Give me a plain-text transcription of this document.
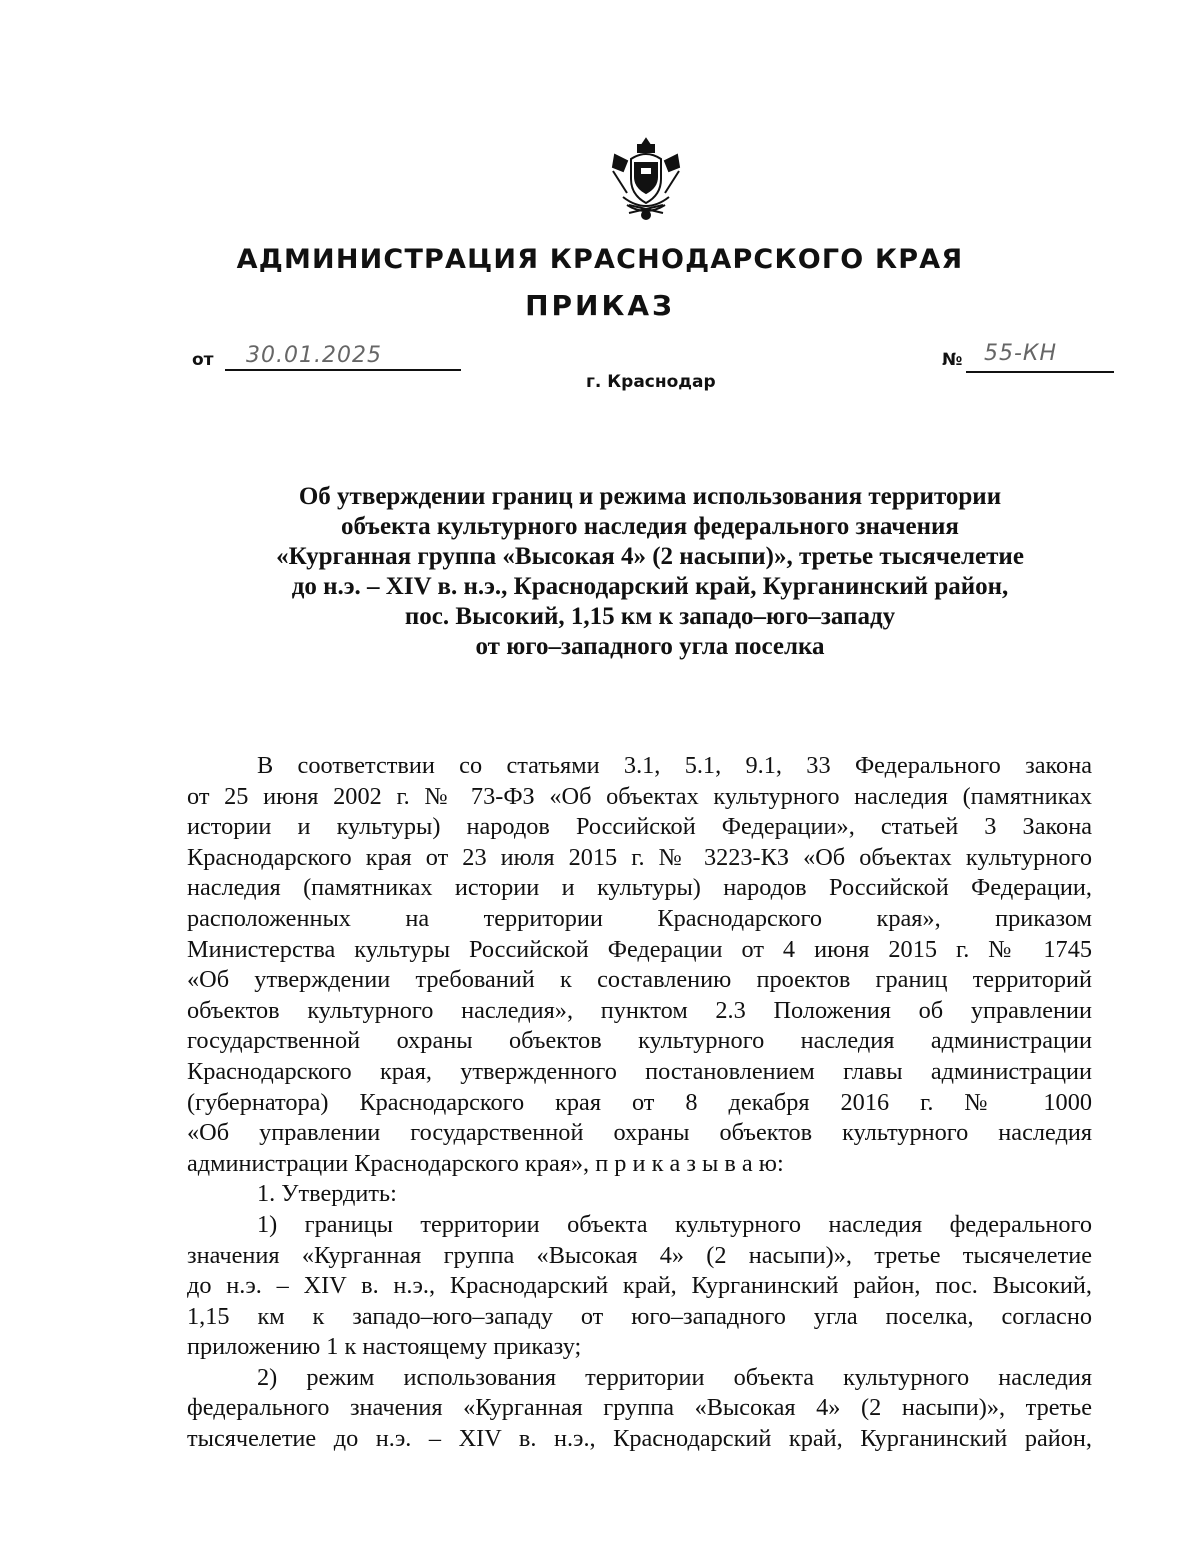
АДМИНИСТРАЦИЯ КРАСНОДАРСКОГО КРАЯ
ПРИКАЗ
от 30.01.2025
г. Краснодар
№ 55-КН
Об утверждении границ и режима использования территории
объекта культурного наследия федерального значения
«Курганная группа «Высокая 4» (2 насыпи)», третье тысячелетие
до н.э. – XIV в. н.э., Краснодарский край, Курганинский район,
пос. Высокий, 1,15 км к западо–юго–западу
от юго–западного угла поселка
В соответствии со статьями 3.1, 5.1, 9.1, 33 Федерального закона
от 25 июня 2002 г. № 73-ФЗ «Об объектах культурного наследия (памятниках
истории и культуры) народов Российской Федерации», статьей 3 Закона
Краснодарского края от 23 июля 2015 г. № 3223-КЗ «Об объектах культурного
наследия (памятниках истории и культуры) народов Российской Федерации,
расположенных на территории Краснодарского края», приказом
Министерства культуры Российской Федерации от 4 июня 2015 г. № 1745
«Об утверждении требований к составлению проектов границ территорий
объектов культурного наследия», пунктом 2.3 Положения об управлении
государственной охраны объектов культурного наследия администрации
Краснодарского края, утвержденного постановлением главы администрации
(губернатора) Краснодарского края от 8 декабря 2016 г. № 1000
«Об управлении государственной охраны объектов культурного наследия
администрации Краснодарского края», п р и к а з ы в а ю:
1. Утвердить:
1) границы территории объекта культурного наследия федерального
значения «Курганная группа «Высокая 4» (2 насыпи)», третье тысячелетие
до н.э. – XIV в. н.э., Краснодарский край, Курганинский район, пос. Высокий,
1,15 км к западо–юго–западу от юго–западного угла поселка, согласно
приложению 1 к настоящему приказу;
2) режим использования территории объекта культурного наследия
федерального значения «Курганная группа «Высокая 4» (2 насыпи)», третье
тысячелетие до н.э. – XIV в. н.э., Краснодарский край, Курганинский район,
